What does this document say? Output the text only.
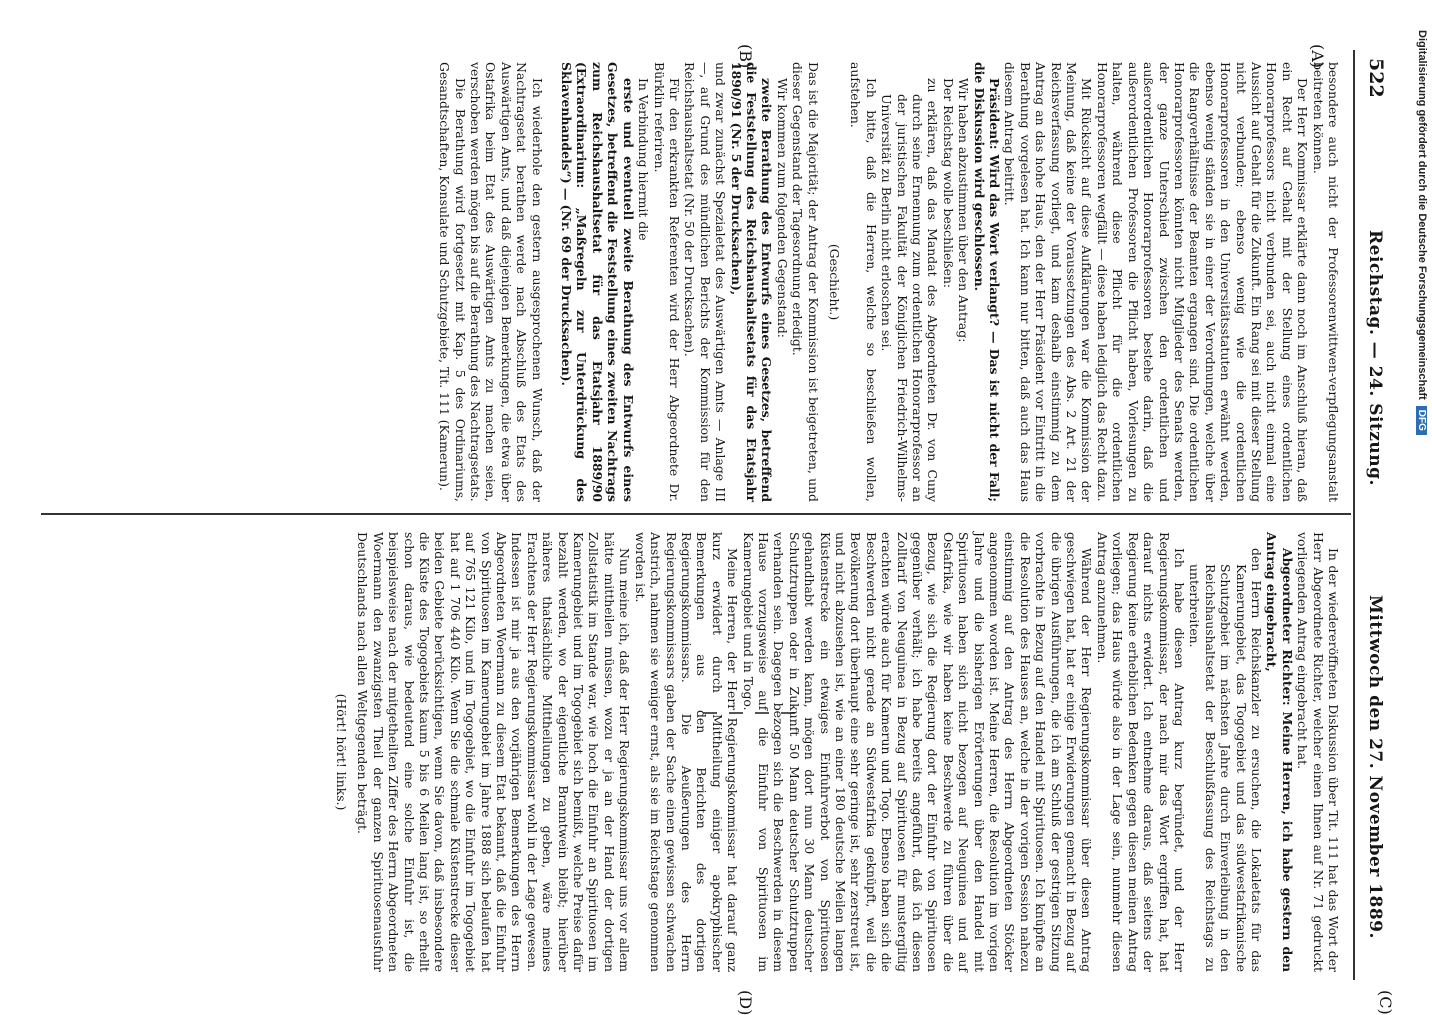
522
Reichstag. — 24. Sitzung.
Mittwoch den 27. November 1889.
(A)
(B)
(C)
(D)

besondere auch nicht der Professorenwittwen-verpflegungsanstalt beitreten können.

Der Herr Kommissar erklärte dann noch im Anschluß hieran, daß ein Recht auf Gehalt mit der Stellung eines ordentlichen Honorarprofessors nicht verbunden sei, auch nicht einmal eine Aussicht auf Gehalt für die Zukunft. Ein Rang sei mit dieser Stellung nicht verbunden; ebenso wenig wie die ordentlichen Honorarprofessoren in den Universitätsstatuten erwähnt werden, ebenso wenig ständen sie in einer der Verordnungen, welche über die Rangverhältnisse der Beamten ergangen sind. Die ordentlichen Honorarprofessoren könnten nicht Mitglieder des Senats werden, der ganze Unterschied zwischen den ordentlichen und außerordentlichen Honorarprofessoren bestehe darin, daß die außerordentlichen Professoren die Pflicht haben, Vorlesungen zu halten, während diese Pflicht für die ordentlichen Honorarprofessoren wegfällt — diese haben lediglich das Recht dazu.

Mit Rücksicht auf diese Aufklärungen war die Kommission der Meinung, daß keine der Voraussetzungen des Abs. 2 Art. 21 der Reichsverfassung vorliegt, und kam deshalb einstimmig zu dem Antrag an das hohe Haus, den der Herr Präsident vor Eintritt in die Berathung vorgelesen hat. Ich kann nur bitten, daß auch das Haus diesem Antrag beitritt.

Präsident: Wird das Wort verlangt? — Das ist nicht der Fall; die Diskussion wird geschlossen.

Wir haben abzustimmen über den Antrag:

Der Reichstag wolle beschließen:

zu erklären, daß das Mandat des Abgeordneten Dr. von Cuny durch seine Ernennung zum ordentlichen Honorarprofessor an der juristischen Fakultät der Königlichen Friedrich-Wilhelms-Universität zu Berlin nicht erloschen sei.

Ich bitte, daß die Herren, welche so beschließen wollen, aufstehen.

(Geschieht.)

Das ist die Majorität; der Antrag der Kommission ist beigetreten, und dieser Gegenstand der Tagesordnung erledigt.

Wir kommen zum folgenden Gegenstand:

zweite Berathung des Entwurfs eines Gesetzes, betreffend die Feststellung des Reichshaushaltsetats für das Etatsjahr 1890/91 (Nr. 5 der Drucksachen),

und zwar zunächst Spezialetat des Auswärtigen Amts — Anlage III —, auf Grund des mündlichen Berichts der Kommission für den Reichshaushaltsetat (Nr. 50 der Drucksachen).

Für den erkrankten Referenten wird der Herr Abgeordnete Dr. Bürklin referiren.

In Verbindung hiermit die

erste und eventuell zweite Berathung des Entwurfs eines Gesetzes, betreffend die Feststellung eines zweiten Nachtrags zum Reichshaushaltsetat für das Etatsjahr 1889/90 (Extraordinarium: „Maßregeln zur Unterdrückung des Sklavenhandels“) — (Nr. 69 der Drucksachen).

Ich wiederhole den gestern ausgesprochenen Wunsch, daß der Nachtragsetat berathen werde nach Abschluß des Etats des Auswärtigen Amts, und daß diejenigen Bemerkungen, die etwa über Ostafrika beim Etat des Auswärtigen Amts zu machen seien, verschoben werden mögen bis auf die Berathung des Nachtragsetats.

Die Berathung wird fortgesetzt mit Kap. 5 des Ordinariums, Gesandtschaften, Konsulate und Schutzgebiete, Tit. 111 (Kamerun).

In der wiedereröffneten Diskussion über Tit. 111 hat das Wort der Herr Abgeordnete Richter, welcher einen Ihnen auf Nr. 71 gedruckt vorliegenden Antrag eingebracht hat.

Abgeordneter Richter: Meine Herren, ich habe gestern den Antrag eingebracht,

den Herrn Reichskanzler zu ersuchen, die Lokaletats für das Kamerungebiet, das Togogebiet und das südwestafrikanische Schutzgebiet im nächsten Jahre durch Einverleibung in den Reichshaushaltsetat der Beschlußfassung des Reichstags zu unterbreiten.

Ich habe diesen Antrag kurz begründet, und der Herr Regierungskommissar, der nach mir das Wort ergriffen hat, hat darauf nichts erwidert. Ich entnehme daraus, daß seitens der Regierung keine erheblichen Bedenken gegen diesen meinen Antrag vorliegen; das Haus würde also in der Lage sein, nunmehr diesen Antrag anzunehmen.

Während der Herr Regierungskommissar über diesen Antrag geschwiegen hat, hat er einige Erwiderungen gemacht in Bezug auf die übrigen Ausführungen, die ich am Schluß der gestrigen Sitzung vorbrachte in Bezug auf den Handel mit Spirituosen. Ich knüpfte an die Resolution des Hauses an, welche in der vorigen Session nahezu einstimmig auf den Antrag des Herrn Abgeordneten Stöcker angenommen worden ist. Meine Herren, die Resolution im vorigen Jahre und die bisherigen Erörterungen über den Handel mit Spirituosen haben sich nicht bezogen auf Neuguinea und auf Ostafrika, wie wir haben keine Beschwerde zu führen über die Bezug, wie sich die Regierung dort der Einfuhr von Spirituosen gegenüber verhält; ich habe bereits angeführt, daß ich diesen Zolltarif von Neuguinea in Bezug auf Spirituosen für mustergiltig erachten würde auch für Kamerun und Togo. Ebenso haben sich die Beschwerden nicht gerade an Südwestafrika geknüpft, weil die Bevölkerung dort überhaupt eine sehr geringe ist, sehr zerstreut ist, und nicht abzusehen ist, wie an einer 180 deutsche Meilen langen Küstenstrecke ein etwaiges Einfuhrverbot von Spirituosen gehandhabt werden kann, mögen dort nun 30 Mann deutscher Schutztruppen oder in Zukunft 50 Mann deutscher Schutztruppen verhanden sein. Dagegen bezogen sich die Beschwerden in diesem Hause vorzugsweise auf die Einfuhr von Spirituosen im Kamerungebiet und in Togo.

Meine Herren, der Herr Regierungskommissar hat darauf ganz kurz erwidert durch Mittheilung einiger apokryphischer Bemerkungen aus den Berichten des dortigen Regierungskommissars. Die Aeußerungen des Herrn Regierungskommissars gaben der Sache einen gewissen schwachen Anstrich, nahmen sie weniger ernst, als sie im Reichstage genommen worden ist.

Nun meine ich, daß der Herr Regierungskommissar uns vor allem hätte mittheilen müssen, wozu er ja an der Hand der dortigen Zollstatistik im Stande war, wie hoch die Einfuhr an Spirituosen im Kamerungebiet und im Togogebiet sich bemißt, welche Preise dafür bezahlt werden, wo der eigentliche Branntwein bleibt; hierüber näheres thatsächliche Mittheilungen zu geben, wäre meines Erachtens der Herr Regierungskommissar wohl in der Lage gewesen. Indessen ist mir ja aus den vorjährigen Bemerkungen des Herrn Abgeordneten Woermann zu diesem Etat bekannt, daß die Einfuhr von Spirituosen im Kamerungebiet im Jahre 1888 sich belaufen hat auf 765 121 Kilo, und im Togogebiet, wo die Einfuhr im Togogebiet hat auf 1 706 440 Kilo. Wenn Sie die schmale Küstenstrecke dieser beiden Gebiete berücksichtigen, wenn Sie davon, daß insbesondere die Küste des Togogebiets kaum 5 bis 6 Meilen lang ist, so erhellt schon daraus, wie bedeutend eine solche Einfuhr ist, die beispielsweise nach der mitgetheilten Ziffer des Herrn Abgeordneten Woermann den zwanzigsten Theil der ganzen Spirituosenausfuhr Deutschlands nach allen Weltgegenden beträgt.

(Hört! hört! links.)

Digitalisierung gefördert durch die Deutsche ForschungsgemeinschaftDFG
